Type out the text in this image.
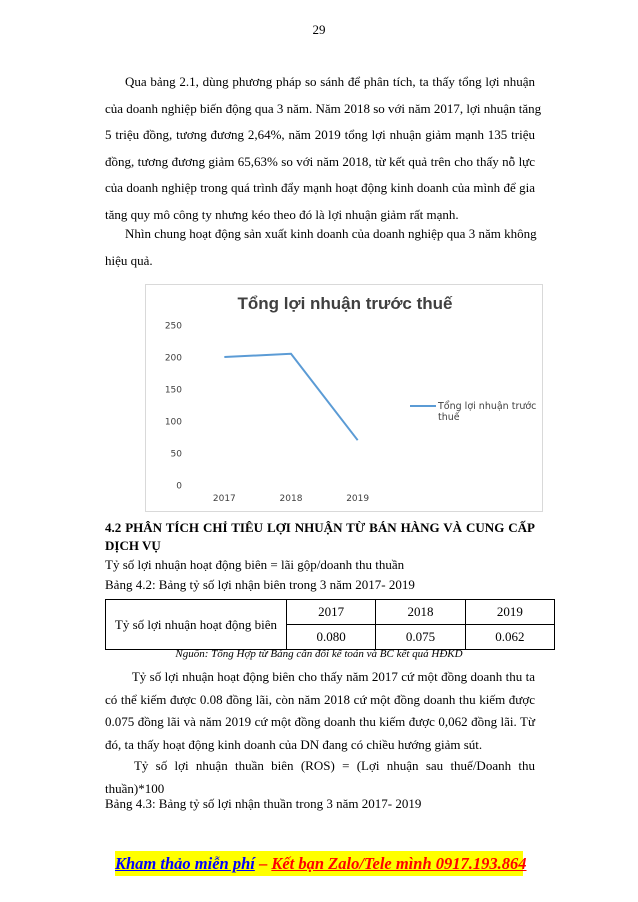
29
Qua bảng 2.1, dùng phương pháp so sánh để phân tích, ta thấy tổng lợi nhuận
của doanh nghiệp biến động qua 3 năm. Năm 2018 so với năm 2017, lợi nhuận tăng
5 triệu đồng, tương đương 2,64%, năm 2019 tổng lợi nhuận giảm mạnh 135 triệu
đồng, tương đương giảm 65,63% so với năm 2018, từ kết quả trên cho thấy nỗ lực
của doanh nghiệp trong quá trình đẩy mạnh hoạt động kinh doanh của mình để gia
tăng quy mô công ty nhưng kéo theo đó là lợi nhuận giảm rất mạnh.
Nhìn chung hoạt động sản xuất kinh doanh của doanh nghiệp qua 3 năm không
hiệu quả.
Tổng lợi nhuận trước thuế
0
50
100
150
200
250
2017	2018	2019
Tổng lợi nhuận trước
thuế
4.2 PHÂN TÍCH CHỈ TIÊU LỢI NHUẬN TỪ BÁN HÀNG VÀ CUNG CẤP
DỊCH VỤ
Tỷ số lợi nhuận hoạt động biên = lãi gộp/doanh thu thuần
Bảng 4.2: Bảng tỷ số lợi nhận biên trong 3 năm 2017- 2019
Tỷ số lợi nhuận hoạt động biên	2017	2018	2019
	0.080	0.075	0.062
Nguồn: Tổng Hợp từ Bảng cân đối kế toán và BC kết quả HĐKD
Tỷ số lợi nhuận hoạt động biên cho thấy năm 2017 cứ một đồng doanh thu ta
có thể kiếm được 0.08 đồng lãi, còn năm 2018 cứ một đồng doanh thu kiếm được
0.075 đồng lãi và năm 2019 cứ một đồng doanh thu kiếm được 0,062 đồng lãi. Từ
đó, ta thấy hoạt động kinh doanh của DN đang có chiều hướng giảm sút.
Tỷ  số  lợi  nhuận  thuần  biên  (ROS)  =  (Lợi  nhuận  sau  thuế/Doanh  thu
thuần)*100
Bảng 4.3: Bảng tỷ số lợi nhận thuần trong 3 năm 2017- 2019
Kham thảo miễn phí – Kết bạn Zalo/Tele mình 0917.193.864
